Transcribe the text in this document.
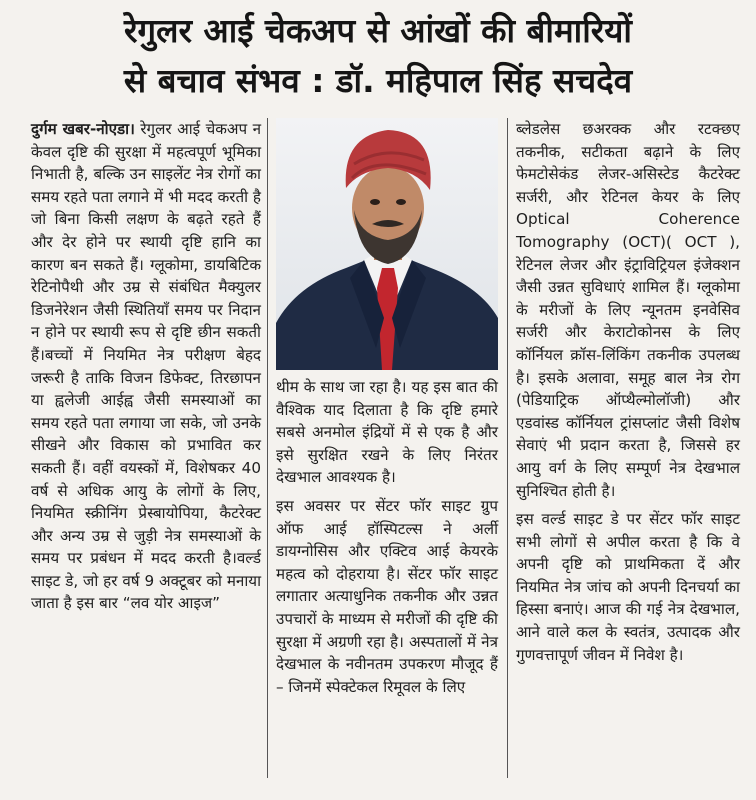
रेगुलर आई चेकअप से आंखों की बीमारियों
से बचाव संभव : डॉ. महिपाल सिंह सचदेव

दुर्गम खबर-नोएडा। रेगुलर आई चेकअप न केवल दृष्टि की सुरक्षा में महत्वपूर्ण भूमिका निभाती है, बल्कि उन साइलेंट नेत्र रोगों का समय रहते पता लगाने में भी मदद करती है जो बिना किसी लक्षण के बढ़ते रहते हैं और देर होने पर स्थायी दृष्टि हानि का कारण बन सकते हैं। ग्लूकोमा, डायबिटिक रेटिनोपैथी और उम्र से संबंधित मैक्युलर डिजनेरेशन जैसी स्थितियाँ समय पर निदान न होने पर स्थायी रूप से दृष्टि छीन सकती हैं।बच्चों में नियमित नेत्र परीक्षण बेहद जरूरी है ताकि विजन डिफेक्ट, तिरछापन या ह्वलेजी आईह्व जैसी समस्याओं का समय रहते पता लगाया जा सके, जो उनके सीखने और विकास को प्रभावित कर सकती हैं। वहीं वयस्कों में, विशेषकर 40 वर्ष से अधिक आयु के लोगों के लिए, नियमित स्क्रीनिंग प्रेस्बायोपिया, कैटरेक्ट और अन्य उम्र से जुड़ी नेत्र समस्याओं के समय पर प्रबंधन में मदद करती है।वर्ल्ड साइट डे, जो हर वर्ष 9 अक्टूबर को मनाया जाता है इस बार “लव योर आइज”

थीम के साथ जा रहा है। यह इस बात की वैश्विक याद दिलाता है कि दृष्टि हमारे सबसे अनमोल इंद्रियों में से एक है और इसे सुरक्षित रखने के लिए निरंतर देखभाल आवश्यक है।

इस अवसर पर सेंटर फॉर साइट ग्रुप ऑफ आई हॉस्पिटल्स ने अर्ली डायग्नोसिस और एक्टिव आई केयरके महत्व को दोहराया है। सेंटर फॉर साइट लगातार अत्याधुनिक तकनीक और उन्नत उपचारों के माध्यम से मरीजों की दृष्टि की सुरक्षा में अग्रणी रहा है। अस्पतालों में नेत्र देखभाल के नवीनतम उपकरण मौजूद हैं – जिनमें स्पेक्टेकल रिमूवल के लिए

ब्लेडलेस छअरक्क और रटक्छए तकनीक, सटीकता बढ़ाने के लिए फेमटोसेकंड लेजर-असिस्टेड कैटरेक्ट सर्जरी, और रेटिनल केयर के लिए Optical Coherence Tomography (OCT)( OCT ), रेटिनल लेजर और इंट्राविट्रियल इंजेक्शन जैसी उन्नत सुविधाएं शामिल हैं। ग्लूकोमा के मरीजों के लिए न्यूनतम इनवेसिव सर्जरी और केराटोकोनस के लिए कॉर्नियल क्रॉस-लिंकिंग तकनीक उपलब्ध है। इसके अलावा, समूह बाल नेत्र रोग (पेडियाट्रिक ऑप्थैल्मोलॉजी) और एडवांस्ड कॉर्नियल ट्रांसप्लांट जैसी विशेष सेवाएं भी प्रदान करता है, जिससे हर आयु वर्ग के लिए सम्पूर्ण नेत्र देखभाल सुनिश्चित होती है।

इस वर्ल्ड साइट डे पर सेंटर फॉर साइट सभी लोगों से अपील करता है कि वे अपनी दृष्टि को प्राथमिकता दें और नियमित नेत्र जांच को अपनी दिनचर्या का हिस्सा बनाएं। आज की गई नेत्र देखभाल, आने वाले कल के स्वतंत्र, उत्पादक और गुणवत्तापूर्ण जीवन में निवेश है।
